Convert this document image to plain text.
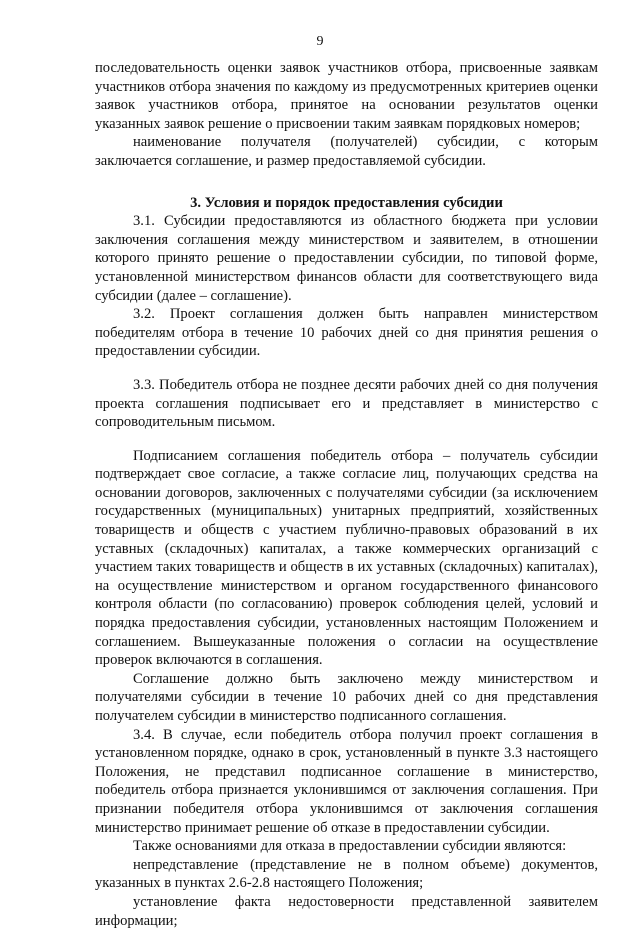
9

последовательность оценки заявок участников отбора, присвоенные заявкам участников отбора значения по каждому из предусмотренных критериев оценки заявок участников отбора, принятое на основании результатов оценки указанных заявок решение о присвоении таким заявкам порядковых номеров;

наименование получателя (получателей) субсидии, с которым заключается соглашение, и размер предоставляемой субсидии.

3. Условия и порядок предоставления субсидии

3.1. Субсидии предоставляются из областного бюджета при условии заключения соглашения между министерством и заявителем, в отношении которого принято решение о предоставлении субсидии, по типовой форме, установленной министерством финансов области для соответствующего вида субсидии (далее – соглашение).

3.2. Проект соглашения должен быть направлен министерством победителям отбора в течение 10 рабочих дней со дня принятия решения о предоставлении субсидии.

3.3. Победитель отбора не позднее десяти рабочих дней со дня получения проекта соглашения подписывает его и представляет в министерство с сопроводительным письмом.

Подписанием соглашения победитель отбора – получатель субсидии подтверждает свое согласие, а также согласие лиц, получающих средства на основании договоров, заключенных с получателями субсидии (за исключением государственных (муниципальных) унитарных предприятий, хозяйственных товариществ и обществ с участием публично-правовых образований в их уставных (складочных) капиталах, а также коммерческих организаций с участием таких товариществ и обществ в их уставных (складочных) капиталах), на осуществление министерством и органом государственного финансового контроля области (по согласованию) проверок соблюдения целей, условий и порядка предоставления субсидии, установленных настоящим Положением и соглашением. Вышеуказанные положения о согласии на осуществление проверок включаются в соглашения.

Соглашение должно быть заключено между министерством и получателями субсидии в течение 10 рабочих дней со дня представления получателем субсидии в министерство подписанного соглашения.

3.4. В случае, если победитель отбора получил проект соглашения в установленном порядке, однако в срок, установленный в пункте 3.3 настоящего Положения, не представил подписанное соглашение в министерство, победитель отбора признается уклонившимся от заключения соглашения. При признании победителя отбора уклонившимся от заключения соглашения министерство принимает решение об отказе в предоставлении субсидии.

Также основаниями для отказа в предоставлении субсидии являются:

непредставление (представление не в полном объеме) документов, указанных в пунктах 2.6-2.8 настоящего Положения;

установление факта недостоверности представленной заявителем информации;
